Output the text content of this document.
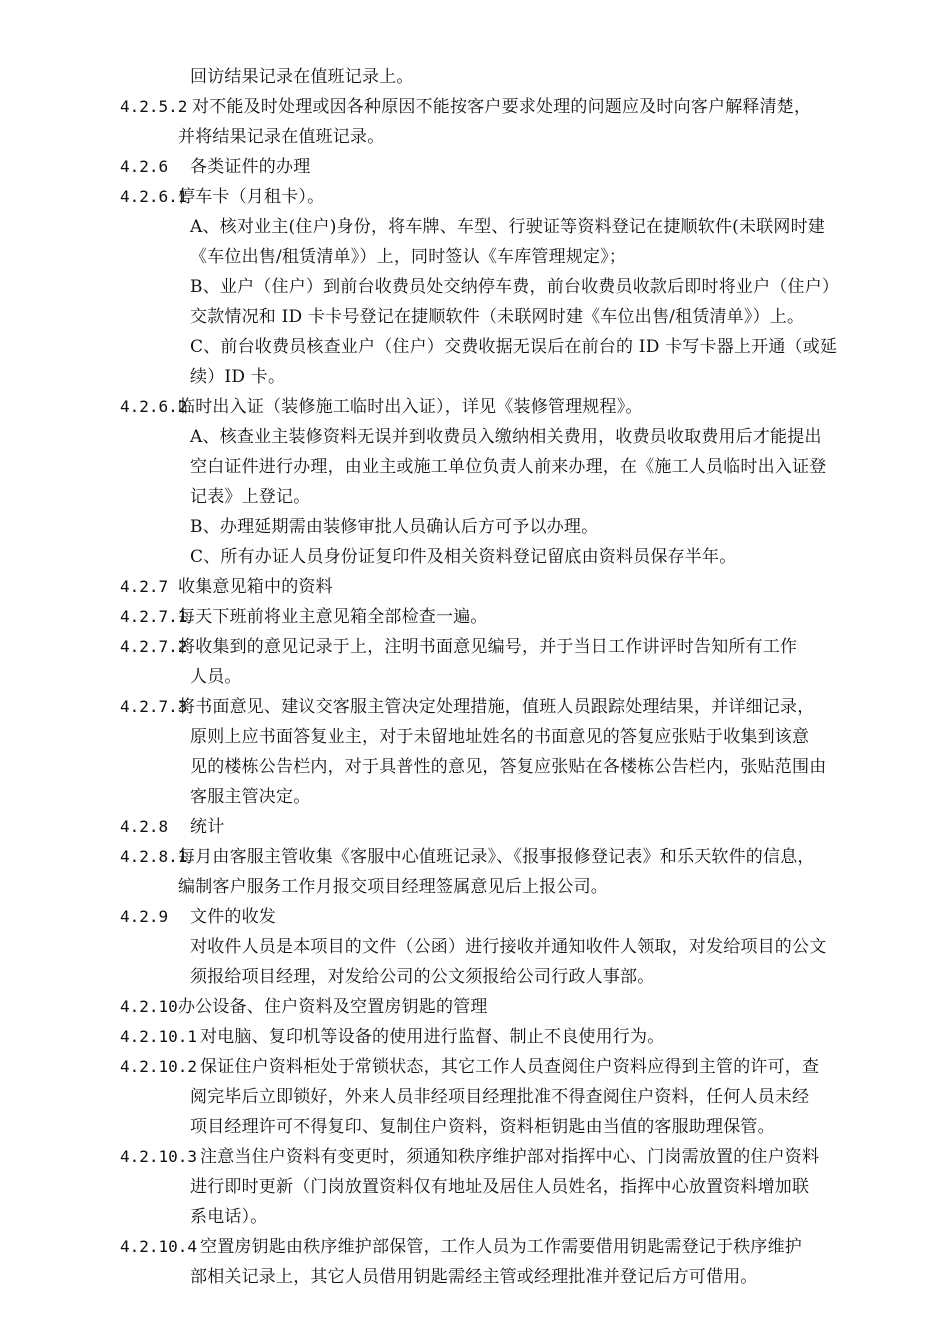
回访结果记录在值班记录上。
4.2.5.2 对不能及时处理或因各种原因不能按客户要求处理的问题应及时向客户解释清楚，
并将结果记录在值班记录。
4.2.6 各类证件的办理
4.2.6.1
停车卡（月租卡）。
A、核对业主(住户)身份，将车牌、车型、行驶证等资料登记在捷顺软件(未联网时建
《车位出售/租赁清单》）上，同时签认《车库管理规定》；
B、业户（住户）到前台收费员处交纳停车费，前台收费员收款后即时将业户（住户）
交款情况和 ID 卡卡号登记在捷顺软件（未联网时建《车位出售/租赁清单》）上。
C、前台收费员核查业户（住户）交费收据无误后在前台的 ID 卡写卡器上开通（或延
续）ID 卡。
4.2.6.2
临时出入证（装修施工临时出入证），详见《装修管理规程》。
A、核查业主装修资料无误并到收费员入缴纳相关费用，收费员收取费用后才能提出
空白证件进行办理，由业主或施工单位负责人前来办理，在《施工人员临时出入证登
记表》上登记。
B、办理延期需由装修审批人员确认后方可予以办理。
C、所有办证人员身份证复印件及相关资料登记留底由资料员保存半年。
4.2.7 收集意见箱中的资料
4.2.7.1
每天下班前将业主意见箱全部检查一遍。
4.2.7.2
将收集到的意见记录于上，注明书面意见编号，并于当日工作讲评时告知所有工作
人员。
4.2.7.3
将书面意见、建议交客服主管决定处理措施，值班人员跟踪处理结果，并详细记录，
原则上应书面答复业主，对于未留地址姓名的书面意见的答复应张贴于收集到该意
见的楼栋公告栏内，对于具普性的意见，答复应张贴在各楼栋公告栏内，张贴范围由
客服主管决定。
4.2.8 统计
4.2.8.1
每月由客服主管收集《客服中心值班记录》、《报事报修登记表》和乐天软件的信息，
编制客户服务工作月报交项目经理签属意见后上报公司。
4.2.9 文件的收发
对收件人员是本项目的文件（公函）进行接收并通知收件人领取，对发给项目的公文
须报给项目经理，对发给公司的公文须报给公司行政人事部。
4.2.10 办公设备、住户资料及空置房钥匙的管理
4.2.10.1 对电脑、复印机等设备的使用进行监督、制止不良使用行为。
4.2.10.2 保证住户资料柜处于常锁状态，其它工作人员查阅住户资料应得到主管的许可，查
阅完毕后立即锁好，外来人员非经项目经理批准不得查阅住户资料，任何人员未经
项目经理许可不得复印、复制住户资料，资料柜钥匙由当值的客服助理保管。
4.2.10.3 注意当住户资料有变更时，须通知秩序维护部对指挥中心、门岗需放置的住户资料
进行即时更新（门岗放置资料仅有地址及居住人员姓名，指挥中心放置资料增加联
系电话）。
4.2.10.4 空置房钥匙由秩序维护部保管，工作人员为工作需要借用钥匙需登记于秩序维护
部相关记录上，其它人员借用钥匙需经主管或经理批准并登记后方可借用。
